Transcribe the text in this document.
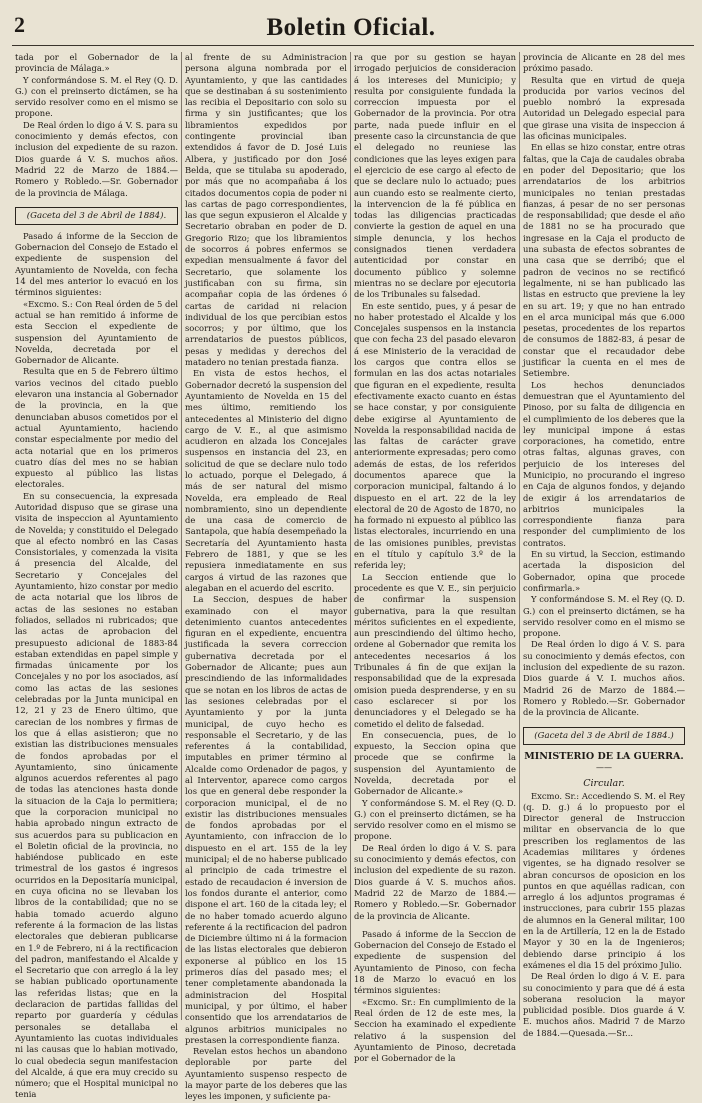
2	Boletin Oficial.

tada por el Gobernador de la provincia de Málaga.»

Y conformándose S. M. el Rey (Q. D. G.) con el preinserto dictámen, se ha servido resolver como en el mismo se propone.

De Real órden lo digo á V. S. para su conocimiento y demás efectos, con inclusion del expediente de su razon. Dios guarde á V. S. muchos años. Madrid 22 de Marzo de 1884.—Romero y Robledo.—Sr. Gobernador de la provincia de Málaga.

(Gaceta del 3 de Abril de 1884).

Pasado á informe de la Seccion de Gobernacion del Consejo de Estado el expediente de suspension del Ayuntamiento de Novelda, con fecha 14 del mes anterior lo evacuó en los términos siguientes:

«Excmo. S.: Con Real órden de 5 del actual se han remitido á informe de esta Seccion el expediente de suspension del Ayuntamiento de Novelda, decretada por el Gobernador de Alicante.

Resulta que en 5 de Febrero último varios vecinos del citado pueblo elevaron una instancia al Gobernador de la provincia, en la que denunciaban abusos cometidos por el actual Ayuntamiento, haciendo constar especialmente por medio del acta notarial que en los primeros cuatro días del mes no se habian expuesto al público las listas electorales.

En su consecuencia, la expresada Autoridad dispuso que se girase una visita de inspeccion al Ayuntamiento de Novelda; y constituido el Delegado que al efecto nombró en las Casas Consistoriales, y comenzada la visita á presencia del Alcalde, del Secretario y Concejales del Ayuntamiento, hizo constar por medio de acta notarial que los libros de actas de las sesiones no estaban foliados, sellados ni rubricados; que las actas de aprobacion del presupuesto adicional de 1883-84 estaban extendidas en papel simple y firmadas únicamente por los Concejales y no por los asociados, así como las actas de las sesiones celebradas por la Junta municipal en 12, 21 y 23 de Enero último, que carecian de los nombres y firmas de los que á ellas asistieron; que no existian las distribuciones mensuales de fondos aprobadas por el Ayuntamiento, sino únicamente algunos acuerdos referentes al pago de todas las atenciones hasta donde la situacion de la Caja lo permitiera; que la corporacion municipal no habia aprobado ningun extracto de sus acuerdos para su publicacion en el Boletin oficial de la provincia, no habiéndose publicado en este trimestral de los gastos é ingresos ocurridos en la Depositaría municipal, en cuya oficina no se llevaban los libros de la contabilidad; que no se habia tomado acuerdo alguno referente á la formacion de las listas electorales que debieran publicarse en 1.º de Febrero, ni á la rectificacion del padron, manifestando el Alcalde y el Secretario que con arreglo á la ley se habian publicado oportunamente las referidas listas; que en la declaracion de partidas fallidas del reparto por guardería y cédulas personales se detallaba el Ayuntamiento las cuotas individuales ni las causas que lo habian motivado, lo cual obedecia segun manifestacion del Alcalde, á que era muy crecido su número; que el Hospital municipal no tenia

al frente de su Administracion persona alguna nombrada por el Ayuntamiento, y que las cantidades que se destinaban á su sostenimiento las recibia el Depositario con solo su firma y sin justificantes; que los libramientos expedidos por contingente provincial iban extendidos á favor de D. José Luis Albera, y justificado por don José Belda, que se titulaba su apoderado, por más que no acompañaba á los citados documentos copia de poder ni las cartas de pago correspondientes, las que segun expusieron el Alcalde y Secretario obraban en poder de D. Gregorio Rizo; que los libramientos de socorros á pobres enfermos se expedian mensualmente á favor del Secretario, que solamente los justificaban con su firma, sin acompañar copia de las órdenes ó cartas de caridad ni relacion individual de los que percibian estos socorros; y por último, que los arrendatarios de puestos públicos, pesas y medidas y derechos del matadero no tenian prestada fianza.

En vista de estos hechos, el Gobernador decretó la suspension del Ayuntamiento de Novelda en 15 del mes último, remitiendo los antecedentes al Ministerio del digno cargo de V. E., al que asimismo acudieron en alzada los Concejales suspensos en instancia del 23, en solicitud de que se declare nulo todo lo actuado, porque el Delegado, á más de ser natural del mismo Novelda, era empleado de Real nombramiento, sino un dependiente de una casa de comercio de Santapola, que había desempeñado la Secretaría del Ayuntamiento hasta Febrero de 1881, y que se les repusiera inmediatamente en sus cargos á virtud de las razones que alegaban en el acuerdo del escrito.

La Seccion, despues de haber examinado con el mayor detenimiento cuantos antecedentes figuran en el expediente, encuentra justificada la severa correccion gubernativa decretada por el Gobernador de Alicante; pues aun prescindiendo de las informalidades que se notan en los libros de actas de las sesiones celebradas por el Ayuntamiento y por la junta municipal, de cuyo hecho es responsable el Secretario, y de las referentes á la contabilidad, imputables en primer término al Alcalde como Ordenador de pagos, y al Interventor, aparece como cargos los que en general debe responder la corporacion municipal, el de no existir las distribuciones mensuales de fondos aprobadas por el Ayuntamiento, con infraccion de lo dispuesto en el art. 155 de la ley municipal; el de no haberse publicado al principio de cada trimestre el estado de recaudacion é inversion de los fondos durante el anterior, como dispone el art. 160 de la citada ley; el de no haber tomado acuerdo alguno referente á la rectificacion del padron de Diciembre último ni á la formacion de las listas electorales que debieron exponerse al público en los 15 primeros días del pasado mes; el tener completamente abandonada la administracion del Hospital municipal, y por último, el haber consentido que los arrendatarios de algunos arbitrios municipales no prestasen la correspondiente fianza.

Revelan estos hechos un abandono deplorable por parte del Ayuntamiento suspenso respecto de la mayor parte de los deberes que las leyes les imponen, y suficiente pa-

ra que por su gestion se hayan irrogado perjuicios de consideracion á los intereses del Municipio; y resulta por consiguiente fundada la correccion impuesta por el Gobernador de la provincia. Por otra parte, nada puede influir en el presente caso la circunstancia de que el delegado no reuniese las condiciones que las leyes exigen para el ejercicio de ese cargo al efecto de que se declare nulo lo actuado; pues aun cuando esto se realmente cierto, la intervencion de la fé pública en todas las diligencias practicadas convierte la gestion de aquel en una simple denuncia, y los hechos consignados tienen verdadera autenticidad por constar en documento público y solemne mientras no se declare por ejecutoria de los Tribunales su falsedad.

En este sentido, pues, y á pesar de no haber protestado el Alcalde y los Concejales suspensos en la instancia que con fecha 23 del pasado elevaron á ese Ministerio de la veracidad de los cargos que contra ellos se formulan en las dos actas notariales que figuran en el expediente, resulta efectivamente exacto cuanto en éstas se hace constar, y por consiguiente debe exigirse al Ayuntamiento de Novelda la responsabilidad nacida de las faltas de carácter grave anteriormente expresadas; pero como además de estas, de los referidos documentos aparece que la corporacion municipal, faltando á lo dispuesto en el art. 22 de la ley electoral de 20 de Agosto de 1870, no ha formado ni expuesto al público las listas electorales, incurriendo en una de las omisiones punibles, previstas en el título y capítulo 3.º de la referida ley;

La Seccion entiende que lo procedente es que V. E., sin perjuicio de confirmar la suspension gubernativa, para la que resultan méritos suficientes en el expediente, aun prescindiendo del último hecho, ordene al Gobernador que remita los antecedentes necesarios á los Tribunales á fin de que exijan la responsabilidad que de la expresada omision pueda desprenderse, y en su caso esclarecer si por los denunciadores y el Delegado se ha cometido el delito de falsedad.

En consecuencia, pues, de lo expuesto, la Seccion opina que procede que se confirme la suspension del Ayuntamiento de Novelda, decretada por el Gobernador de Alicante.»

Y conformándose S. M. el Rey (Q. D. G.) con el preinserto dictámen, se ha servido resolver como en el mismo se propone.

De Real órden lo digo á V. S. para su conocimiento y demás efectos, con inclusion del expediente de su razon. Dios guarde á V. S. muchos años. Madrid 22 de Marzo de 1884.—Romero y Robledo.—Sr. Gobernador de la provincia de Alicante.

Pasado á informe de la Seccion de Gobernacion del Consejo de Estado el expediente de suspension del Ayuntamiento de Pinoso, con fecha 18 de Marzo lo evacuó en los términos siguientes:

«Excmo. Sr.: En cumplimiento de la Real órden de 12 de este mes, la Seccion ha examinado el expediente relativo á la suspension del Ayuntamiento de Pinoso, decretada por el Gobernador de la

provincia de Alicante en 28 del mes próximo pasado.

Resulta que en virtud de queja producida por varios vecinos del pueblo nombró la expresada Autoridad un Delegado especial para que girase una visita de inspeccion á las oficinas municipales.

En ellas se hizo constar, entre otras faltas, que la Caja de caudales obraba en poder del Depositario; que los arrendatarios de los arbitrios municipales no tenian prestadas fianzas, á pesar de no ser personas de responsabilidad; que desde el año de 1881 no se ha procurado que ingresase en la Caja el producto de una subasta de efectos sobrantes de una casa que se derribó; que el padron de vecinos no se rectificó legalmente, ni se han publicado las listas en estructo que previene la ley en su art. 19; y que no han entrado en el arca municipal más que 6.000 pesetas, procedentes de los repartos de consumos de 1882-83, á pesar de constar que el recaudador debe justificar la cuenta en el mes de Setiembre.

Los hechos denunciados demuestran que el Ayuntamiento del Pinoso, por su falta de diligencia en el cumplimiento de los deberes que la ley municipal impone á estas corporaciones, ha cometido, entre otras faltas, algunas graves, con perjuicio de los intereses del Municipio, no procurando el ingreso en Caja de algunos fondos, y dejando de exigir á los arrendatarios de arbitrios municipales la correspondiente fianza para responder del cumplimiento de los contratos.

En su virtud, la Seccion, estimando acertada la disposicion del Gobernador, opina que procede confirmarla.»

Y conformándose S. M. el Rey (Q. D. G.) con el preinserto dictámen, se ha servido resolver como en el mismo se propone.

De Real órden lo digo á V. S. para su conocimiento y demás efectos, con inclusion del expediente de su razon. Dios guarde á V. I. muchos años. Madrid 26 de Marzo de 1884.—Romero y Robledo.—Sr. Gobernador de la provincia de Alicante.

(Gaceta del 3 de Abril de 1884.)
MINISTERIO DE LA GUERRA.
——
Circular.

Excmo. Sr.: Accediendo S. M. el Rey (q. D. g.) á lo propuesto por el Director general de Instruccion militar en observancia de lo que prescriben los reglamentos de las Academias militares y órdenes vigentes, se ha dignado resolver se abran concursos de oposicion en los puntos en que aquéllas radican, con arreglo á los adjuntos programas é instrucciones, para cubrir 155 plazas de alumnos en la General militar, 100 en la de Artillería, 12 en la de Estado Mayor y 30 en la de Ingenieros; debiendo darse principio á los exámenes el dia 15 del próximo Julio.

De Real órden lo digo á V. E. para su conocimiento y para que dé á esta soberana resolucion la mayor publicidad posible. Dios guarde á V. E. muchos años. Madrid 7 de Marzo de 1884.—Quesada.—Sr...
